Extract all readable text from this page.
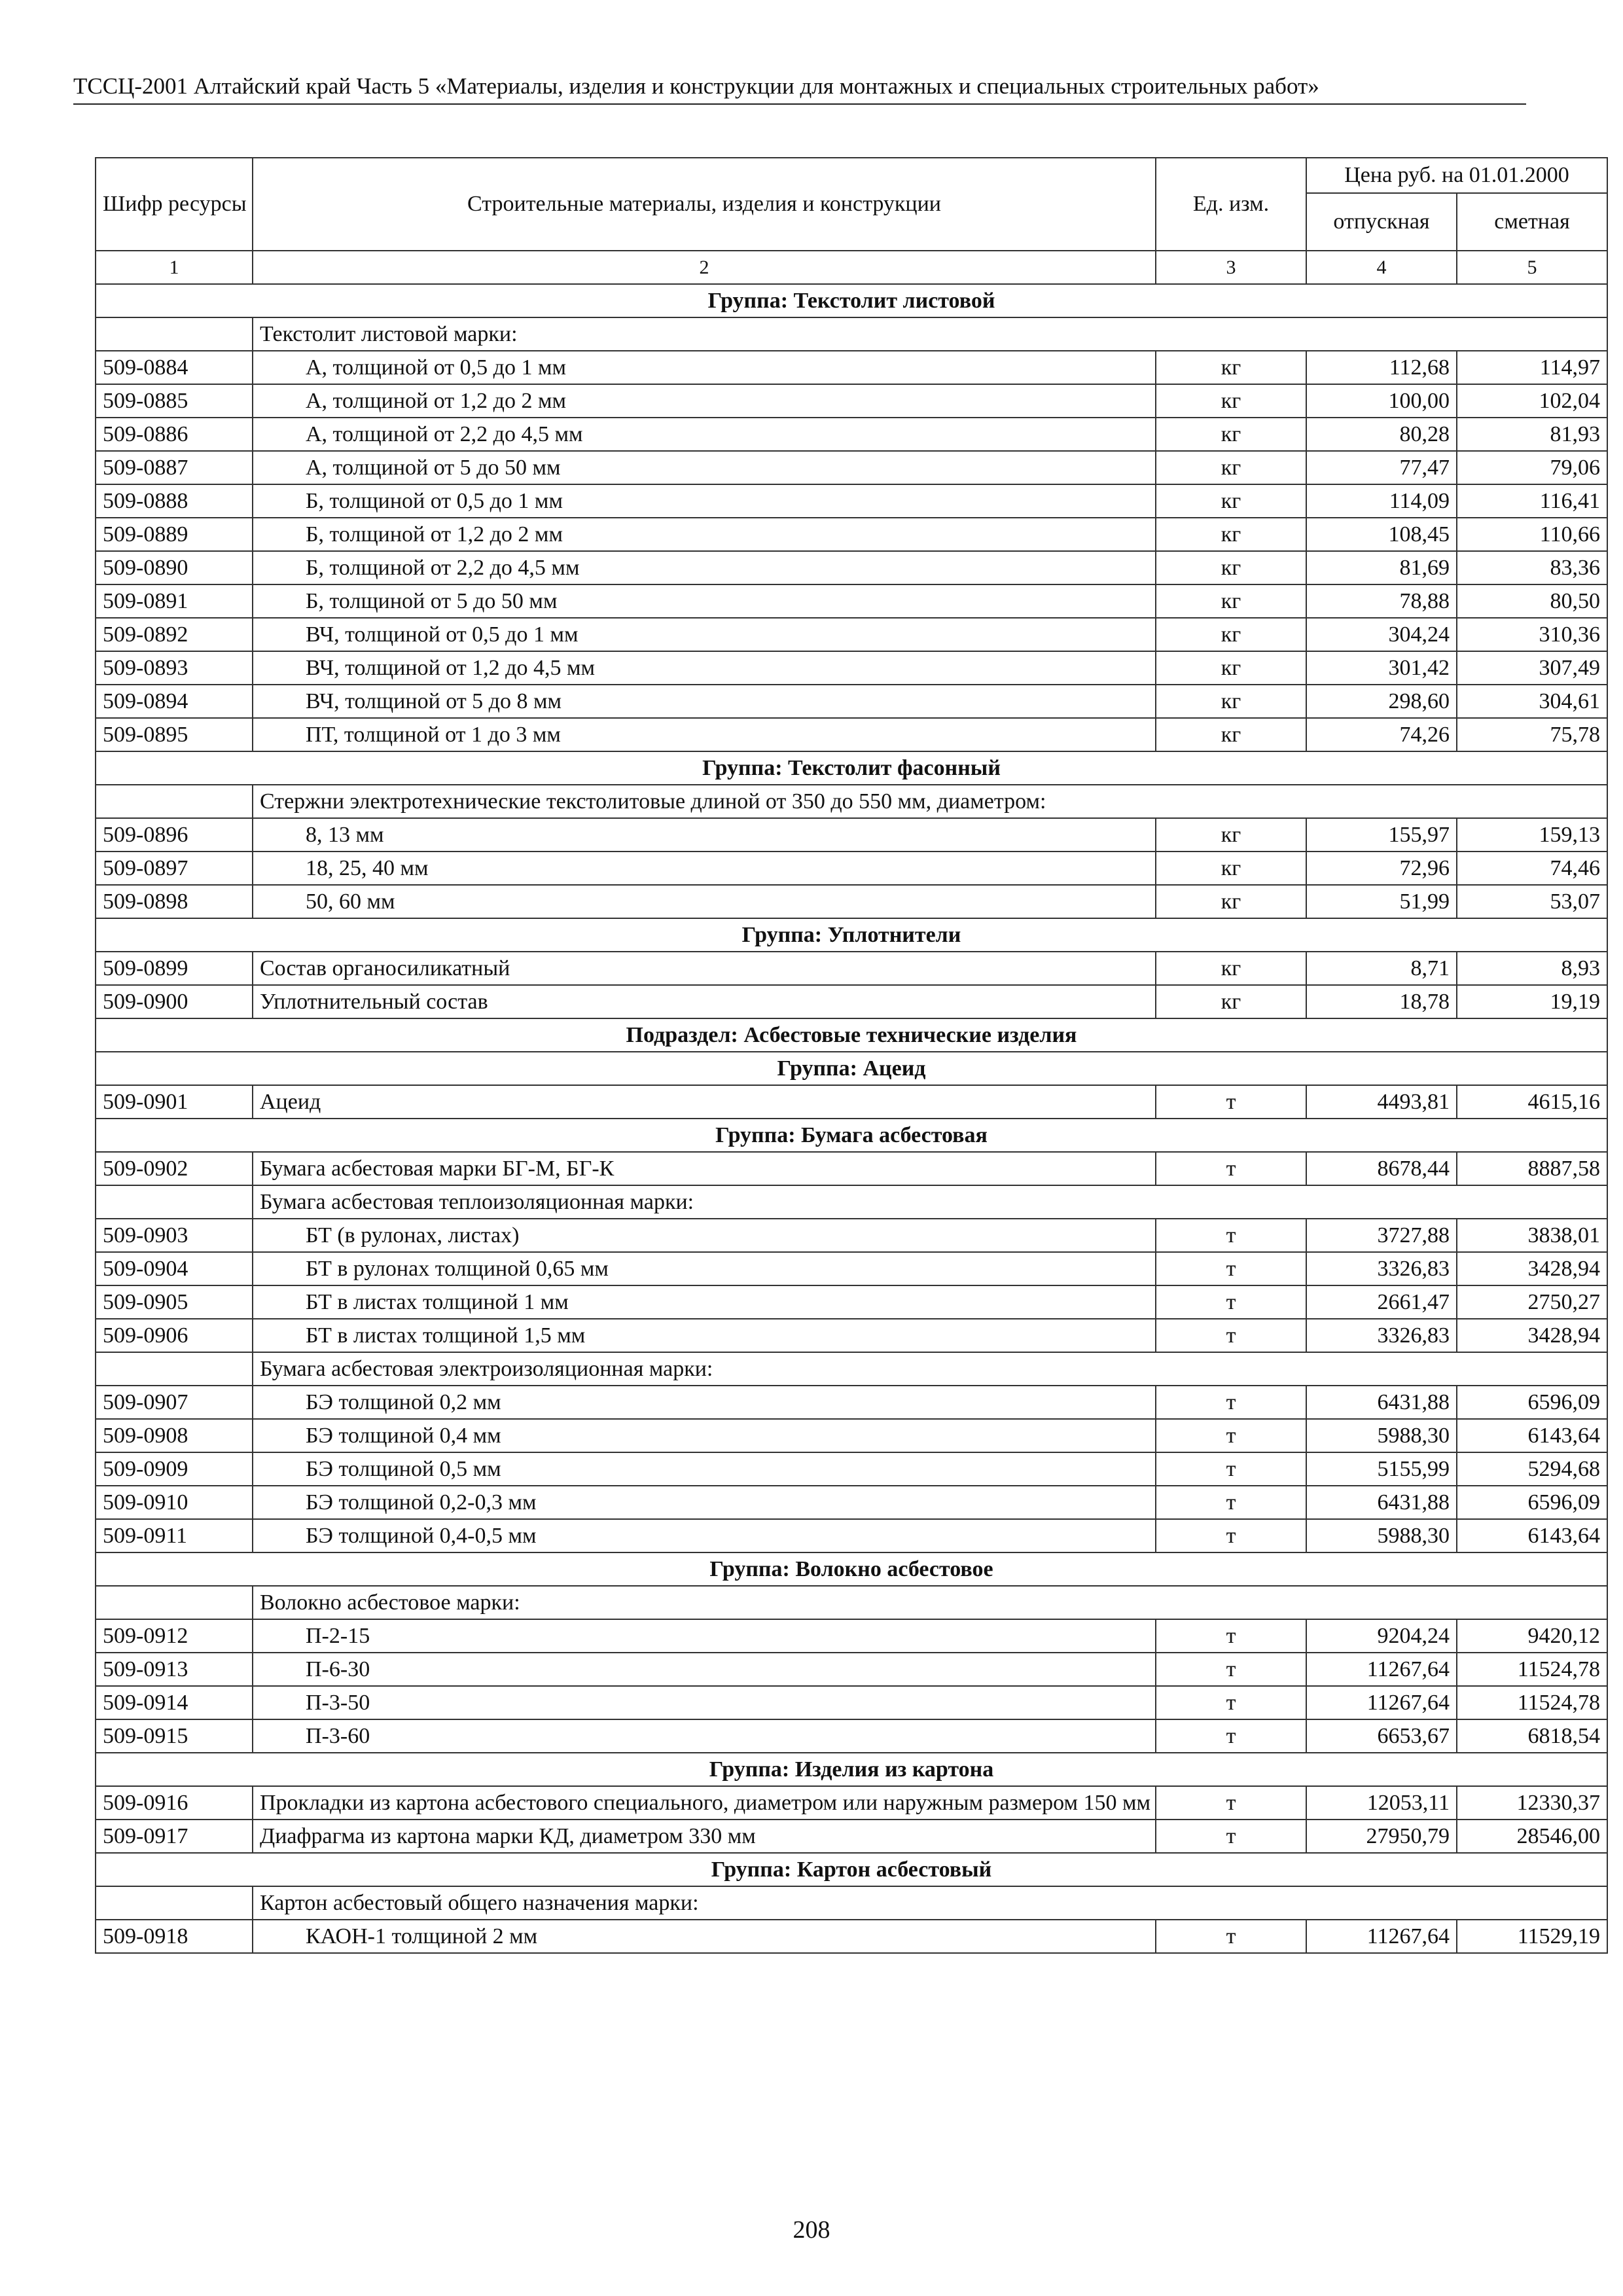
ТССЦ-2001 Алтайский край Часть 5 «Материалы, изделия и конструкции для монтажных и специальных строительных работ»
Шифр ресурсы	Строительные материалы, изделия и конструкции	Ед. изм.	Цена руб. на 01.01.2000	
			отпускная	сметная
1	2	3	4	5
Группа: Текстолит листовой				
	Текстолит листовой марки:			
509-0884	А, толщиной от 0,5 до 1 мм	кг	112,68	114,97
509-0885	А, толщиной от 1,2 до 2 мм	кг	100,00	102,04
509-0886	А, толщиной от 2,2 до 4,5 мм	кг	80,28	81,93
509-0887	А, толщиной от 5 до 50 мм	кг	77,47	79,06
509-0888	Б, толщиной от 0,5 до 1 мм	кг	114,09	116,41
509-0889	Б, толщиной от 1,2 до 2 мм	кг	108,45	110,66
509-0890	Б, толщиной от 2,2 до 4,5 мм	кг	81,69	83,36
509-0891	Б, толщиной от 5 до 50 мм	кг	78,88	80,50
509-0892	ВЧ, толщиной от 0,5 до 1 мм	кг	304,24	310,36
509-0893	ВЧ, толщиной от 1,2 до 4,5 мм	кг	301,42	307,49
509-0894	ВЧ, толщиной от 5 до 8 мм	кг	298,60	304,61
509-0895	ПТ, толщиной от 1 до 3 мм	кг	74,26	75,78
Группа: Текстолит фасонный				
	Стержни электротехнические текстолитовые длиной от 350 до 550 мм, диаметром:			
509-0896	8, 13 мм	кг	155,97	159,13
509-0897	18, 25, 40 мм	кг	72,96	74,46
509-0898	50, 60 мм	кг	51,99	53,07
Группа: Уплотнители				
509-0899	Состав органосиликатный	кг	8,71	8,93
509-0900	Уплотнительный состав	кг	18,78	19,19
Подраздел: Асбестовые технические изделия				
Группа: Ацеид				
509-0901	Ацеид	т	4493,81	4615,16
Группа: Бумага асбестовая				
509-0902	Бумага асбестовая марки БГ-М, БГ-К	т	8678,44	8887,58
	Бумага асбестовая теплоизоляционная марки:			
509-0903	БТ (в рулонах, листах)	т	3727,88	3838,01
509-0904	БТ в рулонах толщиной 0,65 мм	т	3326,83	3428,94
509-0905	БТ в листах толщиной 1 мм	т	2661,47	2750,27
509-0906	БТ в листах толщиной 1,5 мм	т	3326,83	3428,94
	Бумага асбестовая электроизоляционная марки:			
509-0907	БЭ толщиной 0,2 мм	т	6431,88	6596,09
509-0908	БЭ толщиной 0,4 мм	т	5988,30	6143,64
509-0909	БЭ толщиной 0,5 мм	т	5155,99	5294,68
509-0910	БЭ толщиной 0,2-0,3 мм	т	6431,88	6596,09
509-0911	БЭ толщиной 0,4-0,5 мм	т	5988,30	6143,64
Группа: Волокно асбестовое				
	Волокно асбестовое марки:			
509-0912	П-2-15	т	9204,24	9420,12
509-0913	П-6-30	т	11267,64	11524,78
509-0914	П-3-50	т	11267,64	11524,78
509-0915	П-3-60	т	6653,67	6818,54
Группа: Изделия из картона				
509-0916	Прокладки из картона асбестового специального, диаметром или наружным размером 150 мм	т	12053,11	12330,37
509-0917	Диафрагма из картона марки КД, диаметром 330 мм	т	27950,79	28546,00
Группа: Картон асбестовый				
	Картон асбестовый общего назначения марки:			
509-0918	КАОН-1 толщиной 2 мм	т	11267,64	11529,19
208
